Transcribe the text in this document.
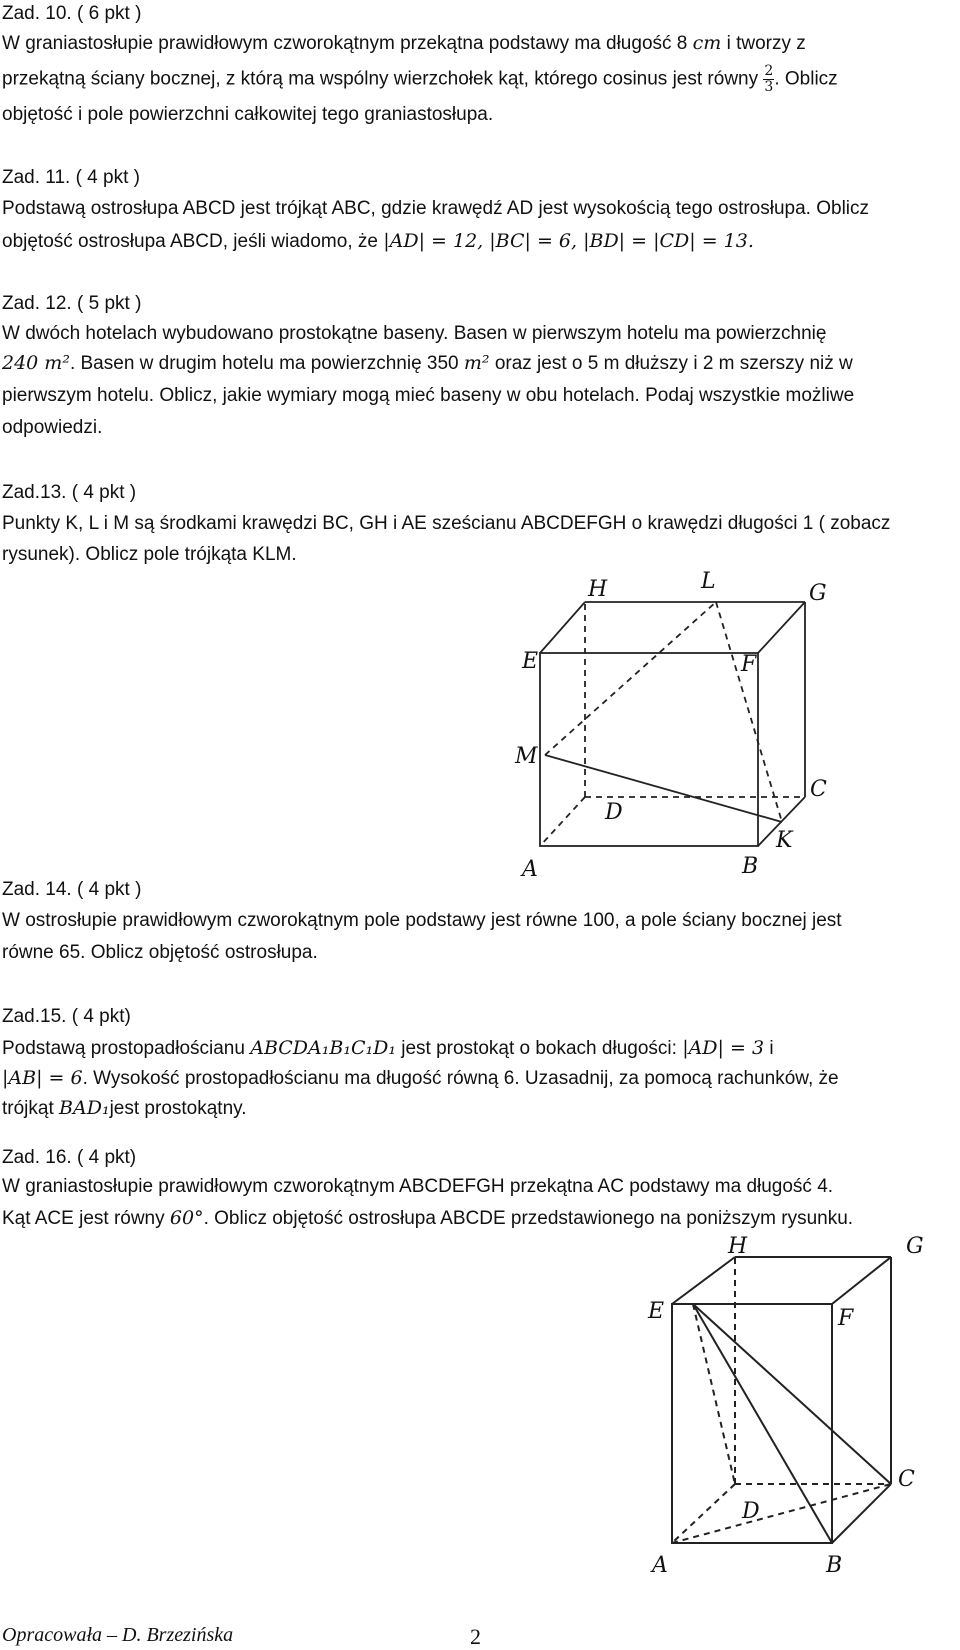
Zad. 10. ( 6 pkt )
W graniastosłupie prawidłowym czworokątnym przekątna podstawy ma długość 8 cm i tworzy z
przekątną ściany bocznej, z którą ma wspólny wierzchołek kąt, którego cosinus jest równy $\frac{2}{3}$ . Oblicz
objętość i pole powierzchni całkowitej tego graniastosłupa.
Zad. 11. ( 4 pkt )
Podstawą ostrosłupa ABCD jest trójkąt ABC, gdzie krawędź AD jest wysokością tego ostrosłupa. Oblicz
objętość ostrosłupa ABCD, jeśli wiadomo, że |AD| = 12, |BC| = 6, |BD| = |CD| = 13.
Zad. 12. ( 5 pkt )
W dwóch hotelach wybudowano prostokątne baseny. Basen w pierwszym hotelu ma powierzchnię
240 m². Basen w drugim hotelu ma powierzchnię 350 m² oraz jest o 5 m dłuższy i 2 m szerszy niż w
pierwszym hotelu. Oblicz, jakie wymiary mogą mieć baseny w obu hotelach. Podaj wszystkie możliwe
odpowiedzi.
Zad.13. ( 4 pkt )
Punkty K, L i M są środkami krawędzi BC, GH i AE sześcianu ABCDEFGH o krawędzi długości 1 ( zobacz
rysunek). Oblicz pole trójkąta KLM.
H	L	G
E	F
M
C
D
K
A	B
Zad. 14. ( 4 pkt )
W ostrosłupie prawidłowym czworokątnym pole podstawy jest równe 100, a pole ściany bocznej jest
równe 65. Oblicz objętość ostrosłupa.
Zad.15. ( 4 pkt)
Podstawą prostopadłościanu ABCDA₁B₁C₁D₁ jest prostokąt o bokach długości: |AD| = 3 i
|AB| = 6. Wysokość prostopadłościanu ma długość równą 6. Uzasadnij, za pomocą rachunków, że
trójkąt BAD₁jest prostokątny.
Zad. 16. ( 4 pkt)
W graniastosłupie prawidłowym czworokątnym ABCDEFGH przekątna AC podstawy ma długość 4.
Kąt ACE jest równy 60°. Oblicz objętość ostrosłupa ABCDE przedstawionego na poniższym rysunku.
H	G
E	F
C
D
A	B
Opracowała – D. Brzezińska	2
